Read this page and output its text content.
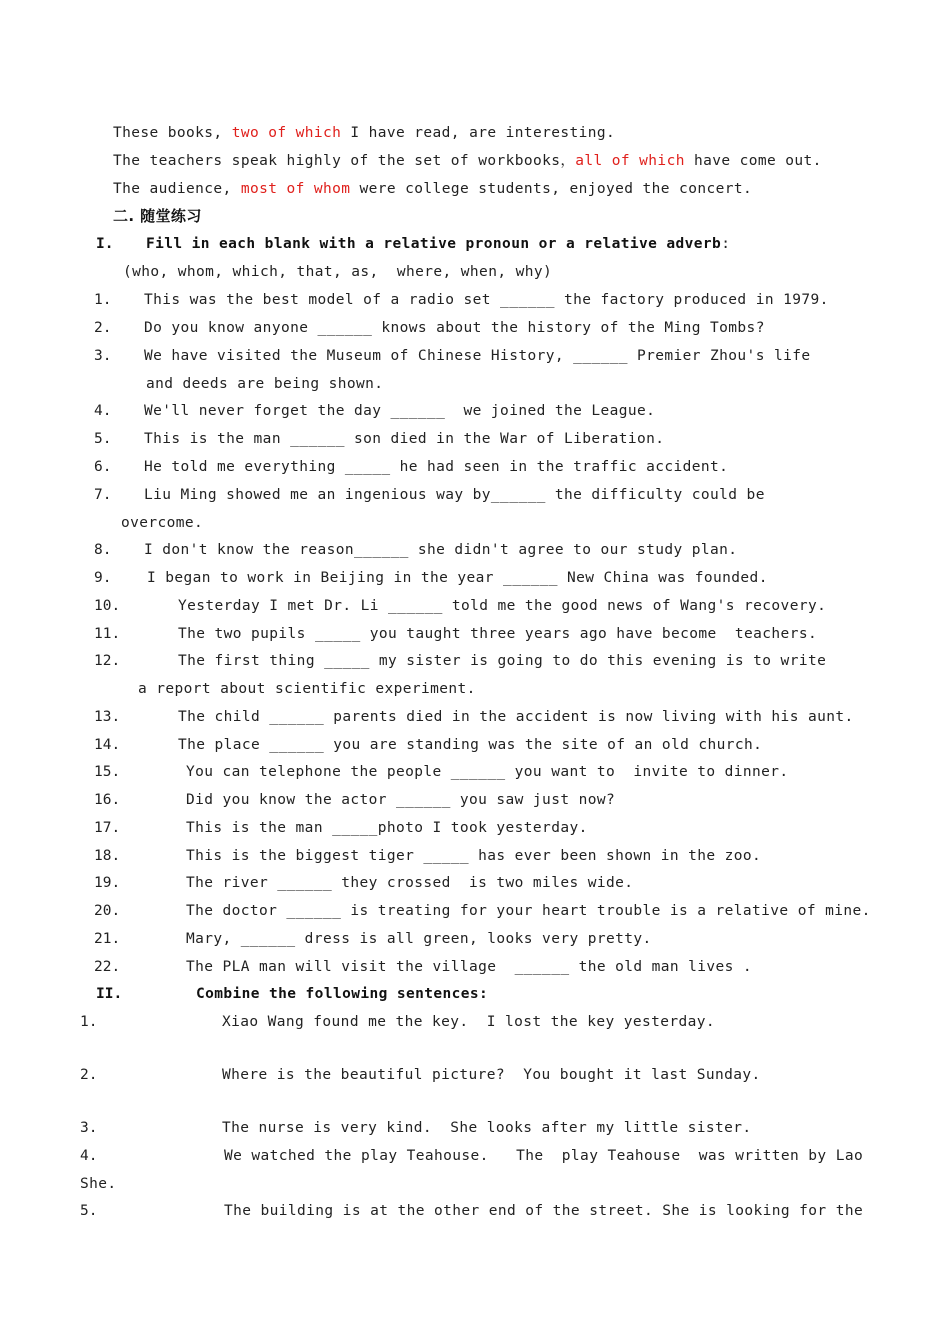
These books, two of which I have read, are interesting.
The teachers speak highly of the set of workbooks，all of which have come out.
The audience, most of whom were college students, enjoyed the concert.
二. 随堂练习
I. Fill in each blank with a relative pronoun or a relative adverb:
(who, whom, which, that, as,  where, when, why)
1. This was the best model of a radio set ______ the factory produced in 1979.
2. Do you know anyone ______ knows about the history of the Ming Tombs?
3. We have visited the Museum of Chinese History, ______ Premier Zhou's life
and deeds are being shown.
4. We'll never forget the day ______  we joined the League.
5. This is the man ______ son died in the War of Liberation.
6. He told me everything _____ he had seen in the traffic accident.
7. Liu Ming showed me an ingenious way by______ the difficulty could be
overcome.
8. I don't know the reason______ she didn't agree to our study plan.
9. I began to work in Beijing in the year ______ New China was founded.
10.	Yesterday I met Dr. Li ______ told me the good news of Wang's recovery.
11.	The two pupils _____ you taught three years ago have become  teachers.
12.	The first thing _____ my sister is going to do this evening is to write
a report about scientific experiment.
13.	The child ______ parents died in the accident is now living with his aunt.
14.	The place ______ you are standing was the site of an old church.
15.	You can telephone the people ______ you want to  invite to dinner.
16.	Did you know the actor ______ you saw just now?
17.	This is the man _____photo I took yesterday.
18.	This is the biggest tiger _____ has ever been shown in the zoo.
19.	The river ______ they crossed  is two miles wide.
20.	The doctor ______ is treating for your heart trouble is a relative of mine.
21.	Mary, ______ dress is all green, looks very pretty.
22.	The PLA man will visit the village  ______ the old man lives .
II.	Combine the following sentences:
1.	Xiao Wang found me the key.  I lost the key yesterday.
2.	Where is the beautiful picture?  You bought it last Sunday.
3.	The nurse is very kind.  She looks after my little sister.
4.	We watched the play Teahouse.   The  play Teahouse  was written by Lao
She.
5.	The building is at the other end of the street. She is looking for the
